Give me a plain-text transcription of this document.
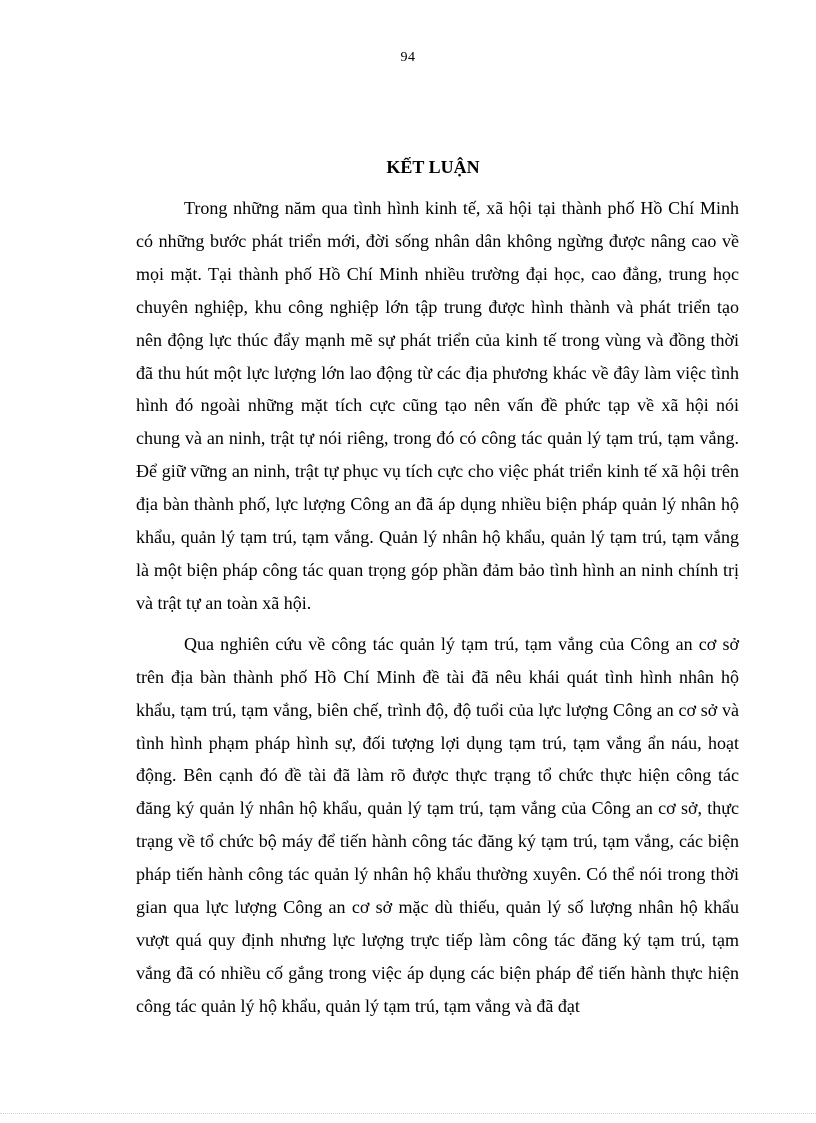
94
KẾT LUẬN

Trong những năm qua tình hình kinh tế, xã hội tại thành phố Hồ Chí Minh có những bước phát triển mới, đời sống nhân dân không ngừng được nâng cao về mọi mặt. Tại thành phố Hồ Chí Minh nhiều trường đại học, cao đẳng, trung học chuyên nghiệp, khu công nghiệp lớn tập trung được hình thành và phát triển tạo nên động lực thúc đẩy mạnh mẽ sự phát triển của kinh tế trong vùng và đồng thời đã thu hút một lực lượng lớn lao động từ các địa phương khác về đây làm việc tình hình đó ngoài những mặt tích cực cũng tạo nên vấn đề phức tạp về xã hội nói chung và an ninh, trật tự nói riêng, trong đó có công tác quản lý tạm trú, tạm vắng. Để giữ vững an ninh, trật tự phục vụ tích cực cho việc phát triển kinh tế xã hội trên địa bàn thành phố, lực lượng Công an đã áp dụng nhiều biện pháp quản lý nhân hộ khẩu, quản lý tạm trú, tạm vắng. Quản lý nhân hộ khẩu, quản lý tạm trú, tạm vắng là một biện pháp công tác quan trọng góp phần đảm bảo tình hình an ninh chính trị và trật tự an toàn xã hội.

Qua nghiên cứu về công tác quản lý tạm trú, tạm vắng của Công an cơ sở trên địa bàn thành phố Hồ Chí Minh đề tài đã nêu khái quát tình hình nhân hộ khẩu, tạm trú, tạm vắng, biên chế, trình độ, độ tuổi của lực lượng Công an cơ sở và tình hình phạm pháp hình sự, đối tượng lợi dụng tạm trú, tạm vắng ẩn náu, hoạt động. Bên cạnh đó đề tài đã làm rõ được thực trạng tổ chức thực hiện công tác đăng ký quản lý nhân hộ khẩu, quản lý tạm trú, tạm vắng của Công an cơ sở, thực trạng về tổ chức bộ máy để tiến hành công tác đăng ký tạm trú, tạm vắng, các biện pháp tiến hành công tác quản lý nhân hộ khẩu thường xuyên. Có thể nói trong thời gian qua lực lượng Công an cơ sở mặc dù thiếu, quản lý số lượng nhân hộ khẩu vượt quá quy định nhưng lực lượng trực tiếp làm công tác đăng ký tạm trú, tạm vắng đã có nhiều cố gắng trong việc áp dụng các biện pháp để tiến hành thực hiện công tác quản lý hộ khẩu, quản lý tạm trú, tạm vắng và đã đạt
